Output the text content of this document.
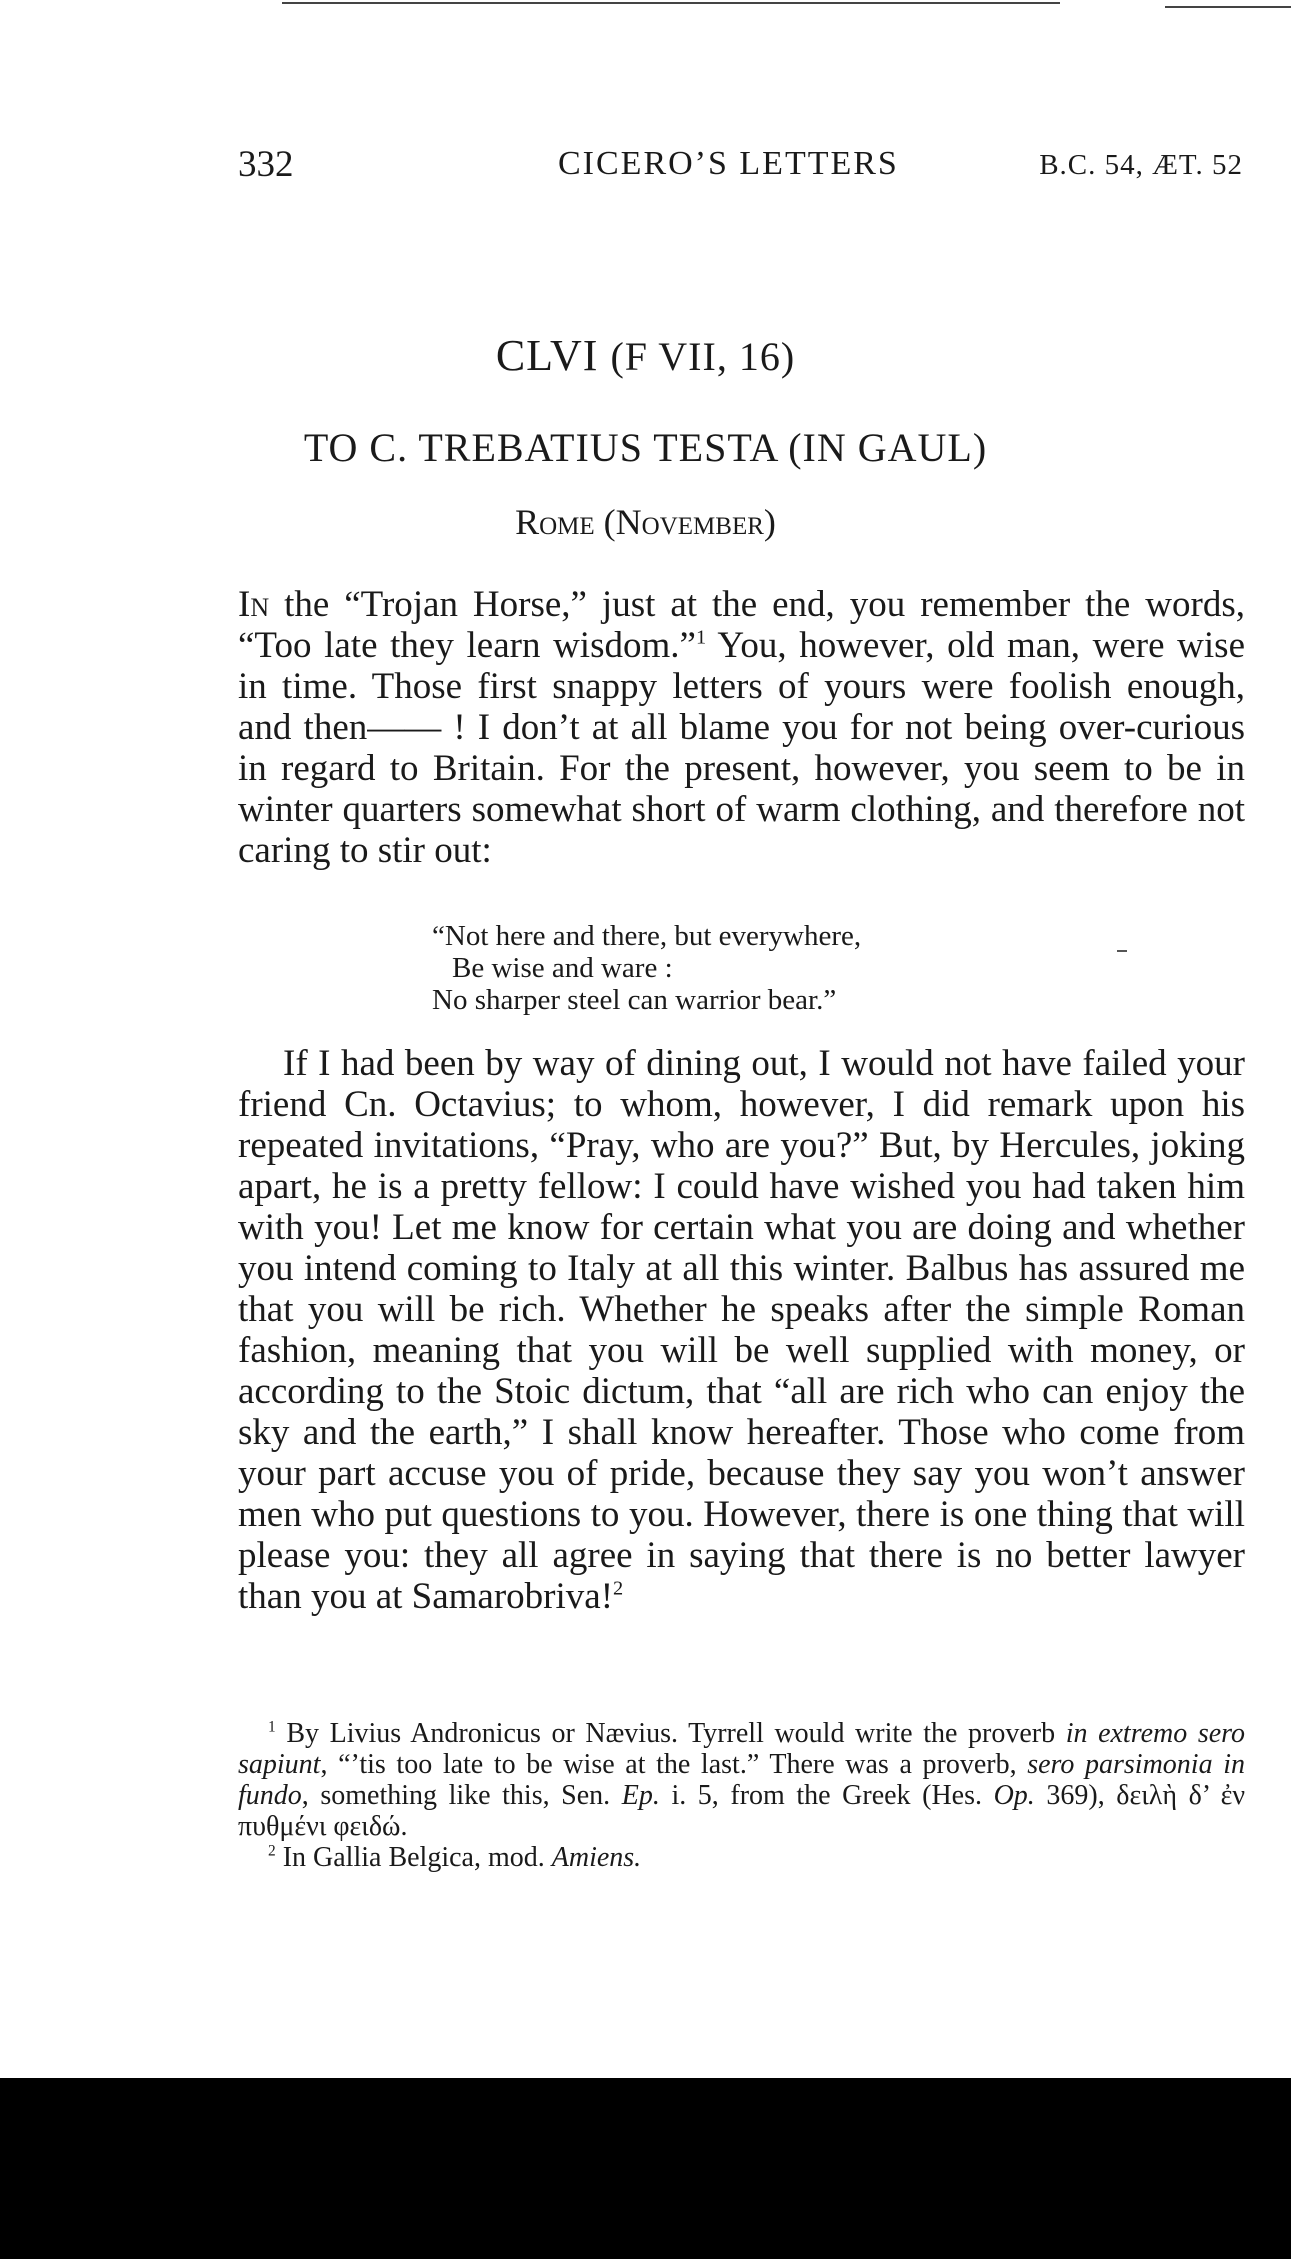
332	CICERO’S LETTERS	B.C. 54, ÆT. 52
CLVI (F VII, 16)
TO C. TREBATIUS TESTA (IN GAUL)
Rome (November)

In the “Trojan Horse,” just at the end, you remember the words, “Too late they learn wisdom.”$^1$ You, however, old man, were wise in time. Those first snappy letters of yours were foolish enough, and then—— ! I don’t at all blame you for not being over-curious in regard to Britain. For the present, however, you seem to be in winter quarters somewhat short of warm clothing, and therefore not caring to stir out:

“Not here and there, but everywhere,
Be wise and ware :
No sharper steel can warrior bear.”

If I had been by way of dining out, I would not have failed your friend Cn. Octavius; to whom, however, I did remark upon his repeated invitations, “Pray, who are you?” But, by Hercules, joking apart, he is a pretty fellow: I could have wished you had taken him with you! Let me know for certain what you are doing and whether you intend coming to Italy at all this winter. Balbus has assured me that you will be rich. Whether he speaks after the simple Roman fashion, meaning that you will be well supplied with money, or according to the Stoic dictum, that “all are rich who can enjoy the sky and the earth,” I shall know hereafter. Those who come from your part accuse you of pride, because they say you won’t answer men who put questions to you. However, there is one thing that will please you: they all agree in saying that there is no better lawyer than you at Samarobriva!$^2$

$^1$ By Livius Andronicus or Nævius. Tyrrell would write the proverb in extremo sero sapiunt, “’tis too late to be wise at the last.” There was a proverb, sero parsimonia in fundo, something like this, Sen. Ep. i. 5, from the Greek (Hes. Op. 369), δειλὴ δ’ ἐν πυθμένι φειδώ.

$^2$ In Gallia Belgica, mod. Amiens.
